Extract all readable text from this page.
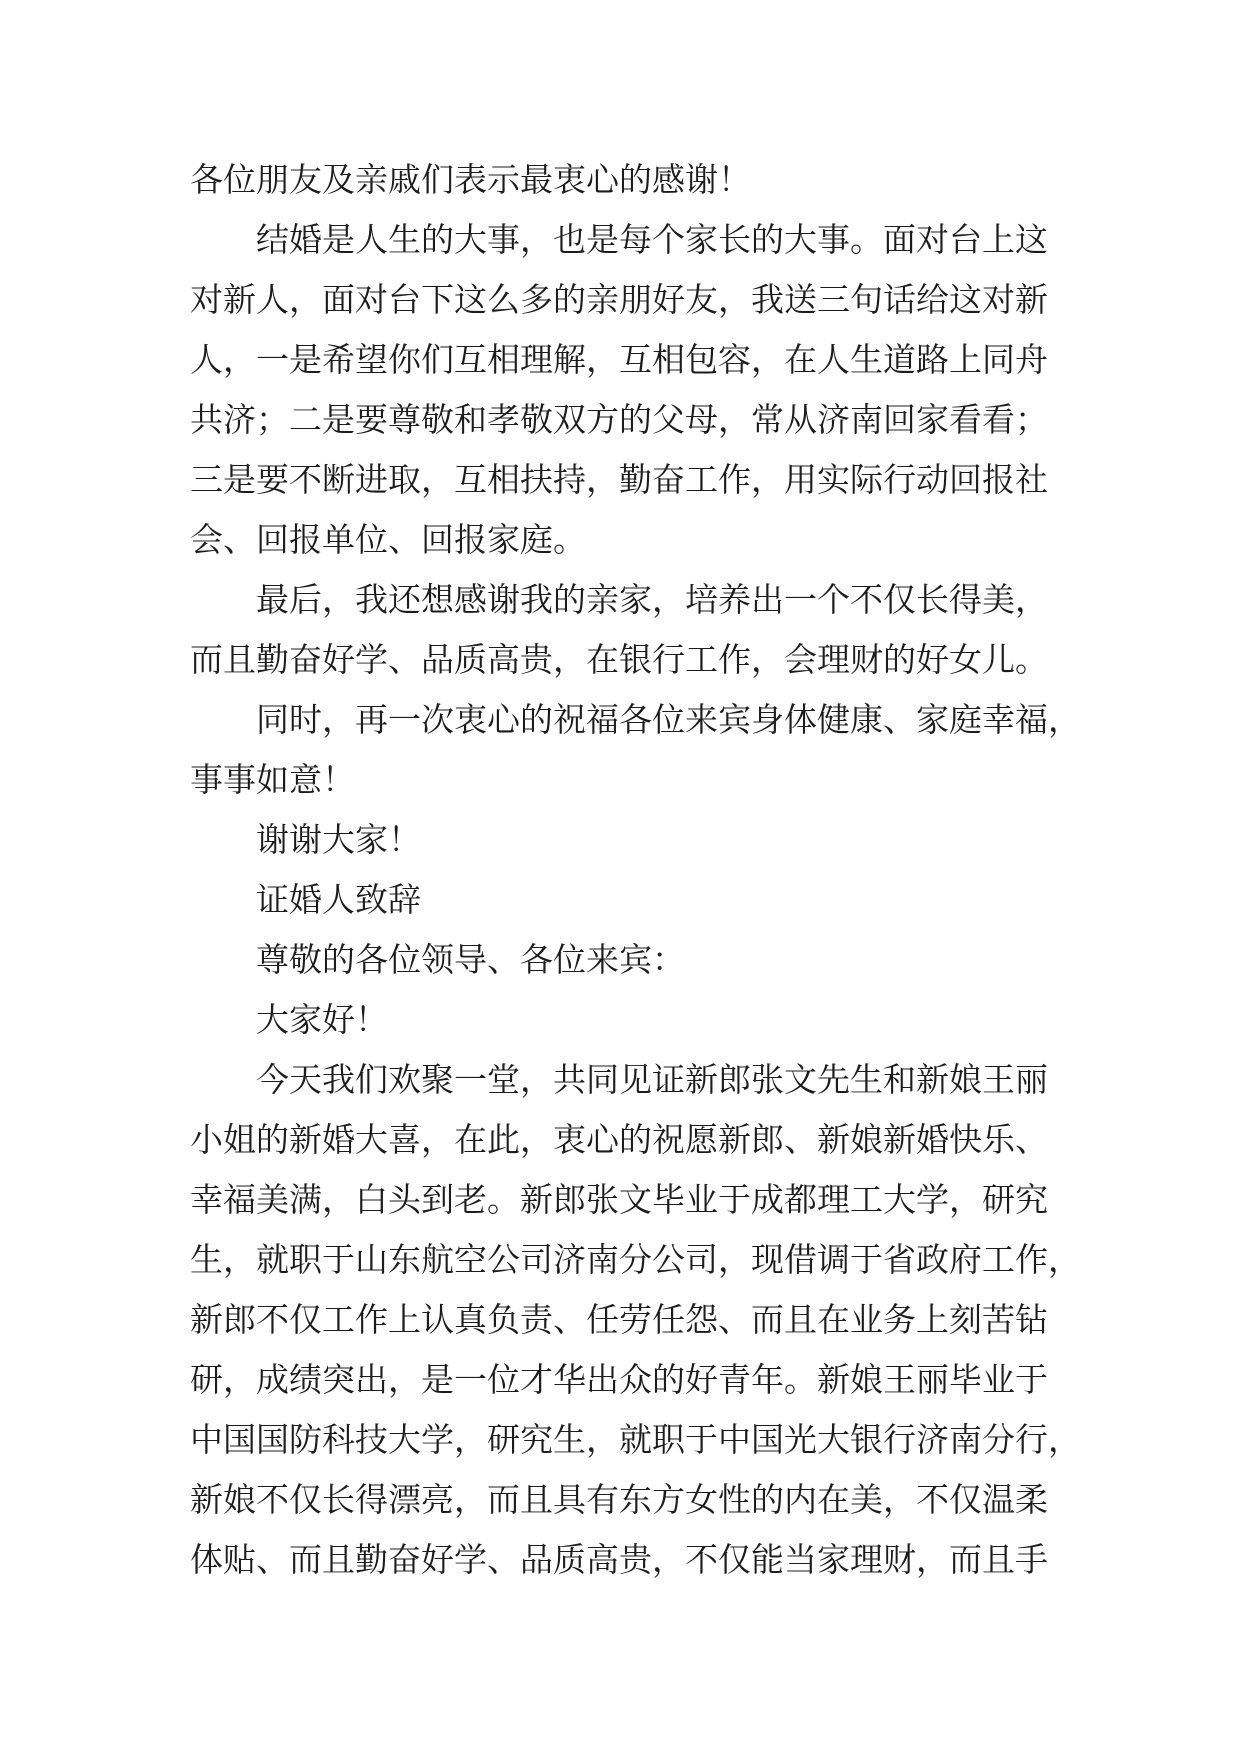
各位朋友及亲戚们表示最衷心的感谢！
结婚是人生的大事，也是每个家长的大事。面对台上这
对新人，面对台下这么多的亲朋好友，我送三句话给这对新
人，一是希望你们互相理解，互相包容，在人生道路上同舟
共济；二是要尊敬和孝敬双方的父母，常从济南回家看看；
三是要不断进取，互相扶持，勤奋工作，用实际行动回报社
会、回报单位、回报家庭。
最后，我还想感谢我的亲家，培养出一个不仅长得美，
而且勤奋好学、品质高贵，在银行工作，会理财的好女儿。
同时，再一次衷心的祝福各位来宾身体健康、家庭幸福，
事事如意！
谢谢大家！
证婚人致辞
尊敬的各位领导、各位来宾：
大家好！
今天我们欢聚一堂，共同见证新郎张文先生和新娘王丽
小姐的新婚大喜，在此，衷心的祝愿新郎、新娘新婚快乐、
幸福美满，白头到老。新郎张文毕业于成都理工大学，研究
生，就职于山东航空公司济南分公司，现借调于省政府工作，
新郎不仅工作上认真负责、任劳任怨、而且在业务上刻苦钻
研，成绩突出，是一位才华出众的好青年。新娘王丽毕业于
中国国防科技大学，研究生，就职于中国光大银行济南分行，
新娘不仅长得漂亮，而且具有东方女性的内在美，不仅温柔
体贴、而且勤奋好学、品质高贵，不仅能当家理财，而且手
